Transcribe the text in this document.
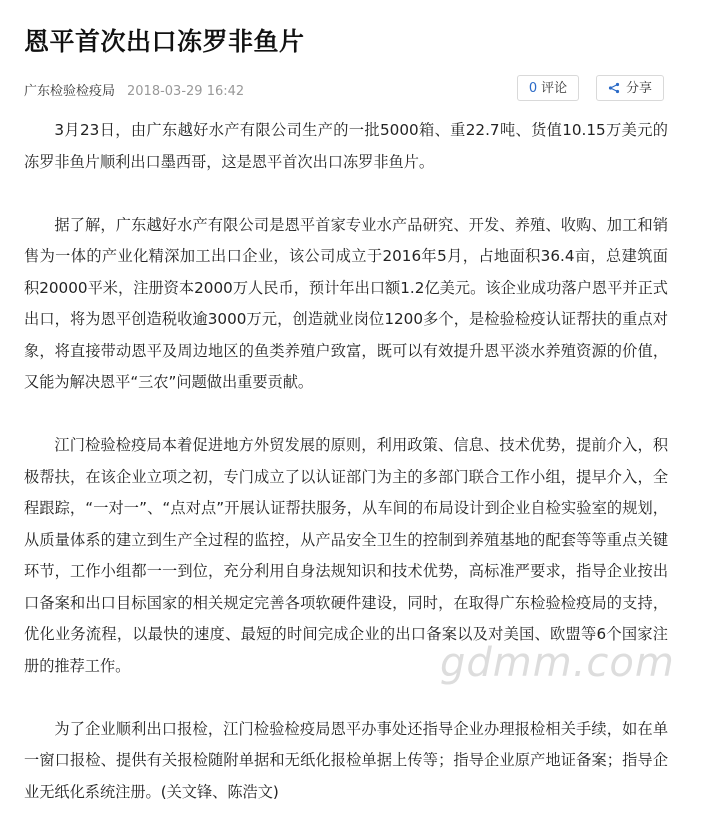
恩平首次出口冻罗非鱼片
广东检验检疫局 2018-03-29 16:42	0 评论	分享

3月23日，由广东越好水产有限公司生产的一批5000箱、重22.7吨、货值10.15万美元的冻罗非鱼片顺利出口墨西哥，这是恩平首次出口冻罗非鱼片。

据了解，广东越好水产有限公司是恩平首家专业水产品研究、开发、养殖、收购、加工和销售为一体的产业化精深加工出口企业，该公司成立于2016年5月，占地面积36.4亩，总建筑面积20000平米，注册资本2000万人民币，预计年出口额1.2亿美元。该企业成功落户恩平并正式出口，将为恩平创造税收逾3000万元，创造就业岗位1200多个，是检验检疫认证帮扶的重点对象，将直接带动恩平及周边地区的鱼类养殖户致富，既可以有效提升恩平淡水养殖资源的价值，又能为解决恩平“三农”问题做出重要贡献。

江门检验检疫局本着促进地方外贸发展的原则，利用政策、信息、技术优势，提前介入，积极帮扶，在该企业立项之初，专门成立了以认证部门为主的多部门联合工作小组，提早介入，全程跟踪，“一对一”、“点对点”开展认证帮扶服务，从车间的布局设计到企业自检实验室的规划，从质量体系的建立到生产全过程的监控，从产品安全卫生的控制到养殖基地的配套等等重点关键环节，工作小组都一一到位，充分利用自身法规知识和技术优势，高标准严要求，指导企业按出口备案和出口目标国家的相关规定完善各项软硬件建设，同时，在取得广东检验检疫局的支持，优化业务流程，以最快的速度、最短的时间完成企业的出口备案以及对美国、欧盟等6个国家注册的推荐工作。

为了企业顺利出口报检，江门检验检疫局恩平办事处还指导企业办理报检相关手续，如在单一窗口报检、提供有关报检随附单据和无纸化报检单据上传等；指导企业原产地证备案；指导企业无纸化系统注册。(关文锋、陈浩文)

gdmm.com
